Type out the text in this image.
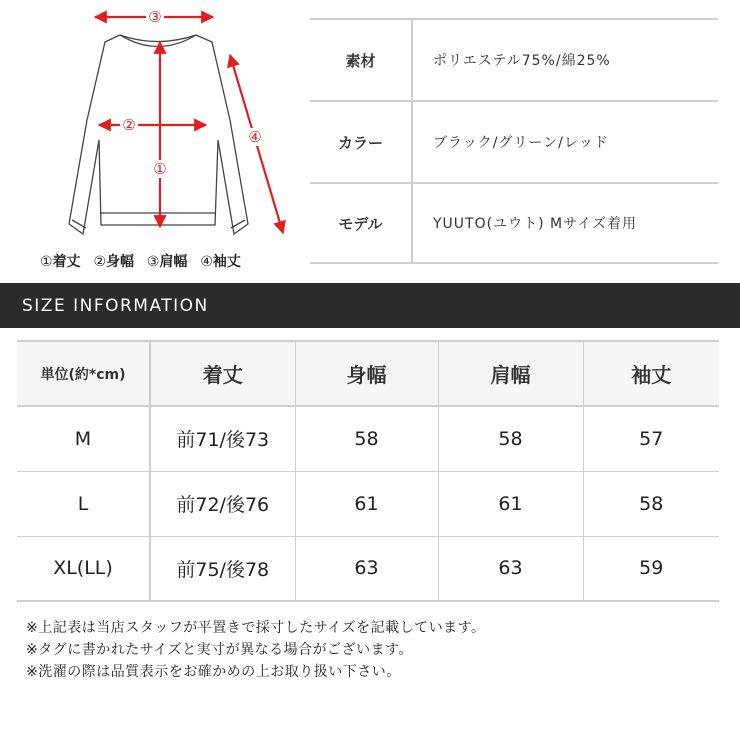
③
②
①
④
①着丈 ②身幅 ③肩幅 ④袖丈
素材	ポリエステル75%/綿25%
カラー	ブラック/グリーン/レッド
モデル	YUUTO(ユウト) Mサイズ着用
SIZE INFORMATION
単位(約*cm)	着丈	身幅	肩幅	袖丈
M	前71/後73	58	58	57
L	前72/後76	61	61	58
XL(LL)	前75/後78	63	63	59
※上記表は当店スタッフが平置きで採寸したサイズを記載しています。
※タグに書かれたサイズと実寸が異なる場合がございます。
※洗濯の際は品質表示をお確かめの上お取り扱い下さい。
